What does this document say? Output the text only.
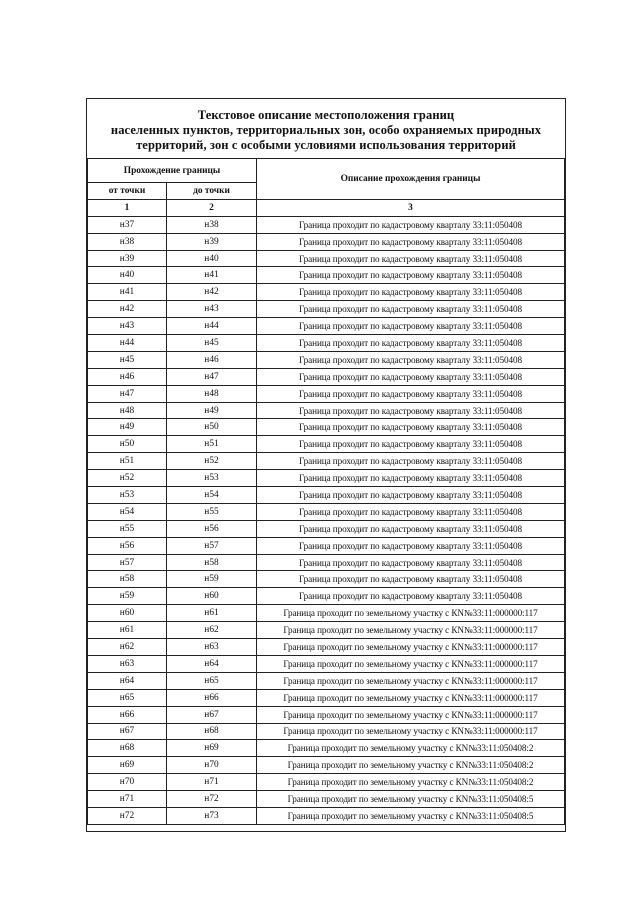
Текстовое описание местоположения границ
населенных пунктов, территориальных зон, особо охраняемых природных
территорий, зон с особыми условиями использования территорий
Прохождение границы		Описание прохождения границы
от точки	до точки	
1	2	3
н37	н38	Граница проходит по кадастровому кварталу 33:11:050408
н38	н39	Граница проходит по кадастровому кварталу 33:11:050408
н39	н40	Граница проходит по кадастровому кварталу 33:11:050408
н40	н41	Граница проходит по кадастровому кварталу 33:11:050408
н41	н42	Граница проходит по кадастровому кварталу 33:11:050408
н42	н43	Граница проходит по кадастровому кварталу 33:11:050408
н43	н44	Граница проходит по кадастровому кварталу 33:11:050408
н44	н45	Граница проходит по кадастровому кварталу 33:11:050408
н45	н46	Граница проходит по кадастровому кварталу 33:11:050408
н46	н47	Граница проходит по кадастровому кварталу 33:11:050408
н47	н48	Граница проходит по кадастровому кварталу 33:11:050408
н48	н49	Граница проходит по кадастровому кварталу 33:11:050408
н49	н50	Граница проходит по кадастровому кварталу 33:11:050408
н50	н51	Граница проходит по кадастровому кварталу 33:11:050408
н51	н52	Граница проходит по кадастровому кварталу 33:11:050408
н52	н53	Граница проходит по кадастровому кварталу 33:11:050408
н53	н54	Граница проходит по кадастровому кварталу 33:11:050408
н54	н55	Граница проходит по кадастровому кварталу 33:11:050408
н55	н56	Граница проходит по кадастровому кварталу 33:11:050408
н56	н57	Граница проходит по кадастровому кварталу 33:11:050408
н57	н58	Граница проходит по кадастровому кварталу 33:11:050408
н58	н59	Граница проходит по кадастровому кварталу 33:11:050408
н59	н60	Граница проходит по кадастровому кварталу 33:11:050408
н60	н61	Граница проходит по земельному участку с КN№33:11:000000:117
н61	н62	Граница проходит по земельному участку с КN№33:11:000000:117
н62	н63	Граница проходит по земельному участку с КN№33:11:000000:117
н63	н64	Граница проходит по земельному участку с КN№33:11:000000:117
н64	н65	Граница проходит по земельному участку с КN№33:11:000000:117
н65	н66	Граница проходит по земельному участку с КN№33:11:000000:117
н66	н67	Граница проходит по земельному участку с КN№33:11:000000:117
н67	н68	Граница проходит по земельному участку с КN№33:11:000000:117
н68	н69	Граница проходит по земельному участку с КN№33:11:050408:2
н69	н70	Граница проходит по земельному участку с КN№33:11:050408:2
н70	н71	Граница проходит по земельному участку с КN№33:11:050408:2
н71	н72	Граница проходит по земельному участку с КN№33:11:050408:5
н72	н73	Граница проходит по земельному участку с КN№33:11:050408:5
